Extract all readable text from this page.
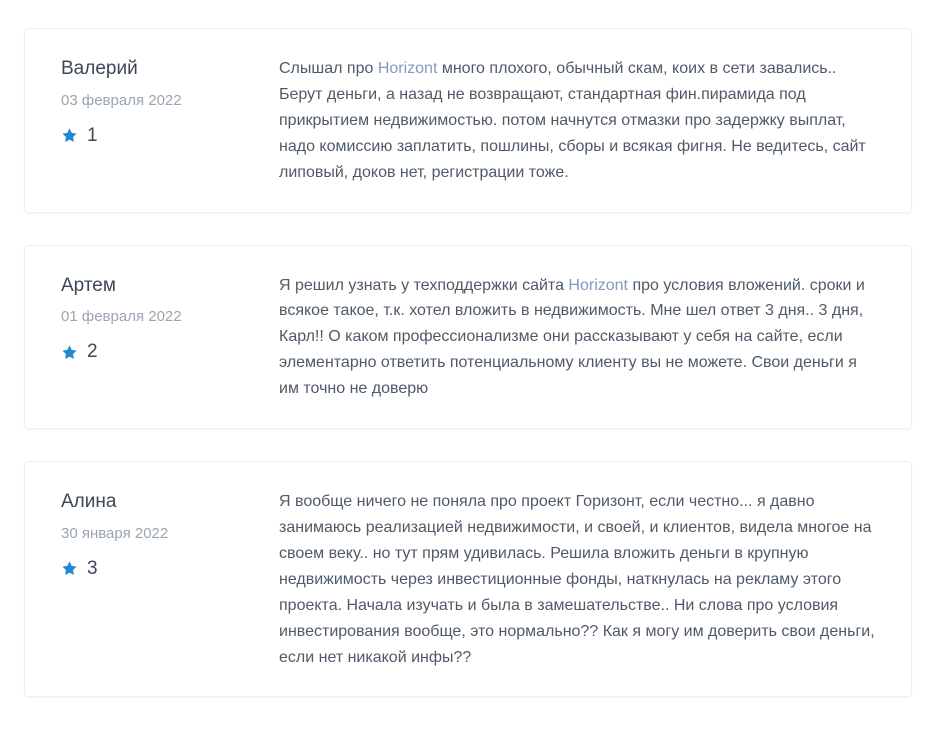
Валерий
03 февраля 2022
1
Слышал про Horizont много плохого, обычный скам, коих в сети завались.. Берут деньги, а назад не возвращают, стандартная фин.пирамида под прикрытием недвижимостью. потом начнутся отмазки про задержку выплат, надо комиссию заплатить, пошлины, сборы и всякая фигня. Не ведитесь, сайт липовый, доков нет, регистрации тоже.
Артем
01 февраля 2022
2
Я решил узнать у техподдержки сайта Horizont про условия вложений. сроки и всякое такое, т.к. хотел вложить в недвижимость. Мне шел ответ 3 дня.. 3 дня, Карл!! О каком профессионализме они рассказывают у себя на сайте, если элементарно ответить потенциальному клиенту вы не можете. Свои деньги я им точно не доверю
Алина
30 января 2022
3
Я вообще ничего не поняла про проект Горизонт, если честно... я давно занимаюсь реализацией недвижимости, и своей, и клиентов, видела многое на своем веку.. но тут прям удивилась. Решила вложить деньги в крупную недвижимость через инвестиционные фонды, наткнулась на рекламу этого проекта. Начала изучать и была в замешательстве.. Ни слова про условия инвестирования вообще, это нормально?? Как я могу им доверить свои деньги, если нет никакой инфы??
